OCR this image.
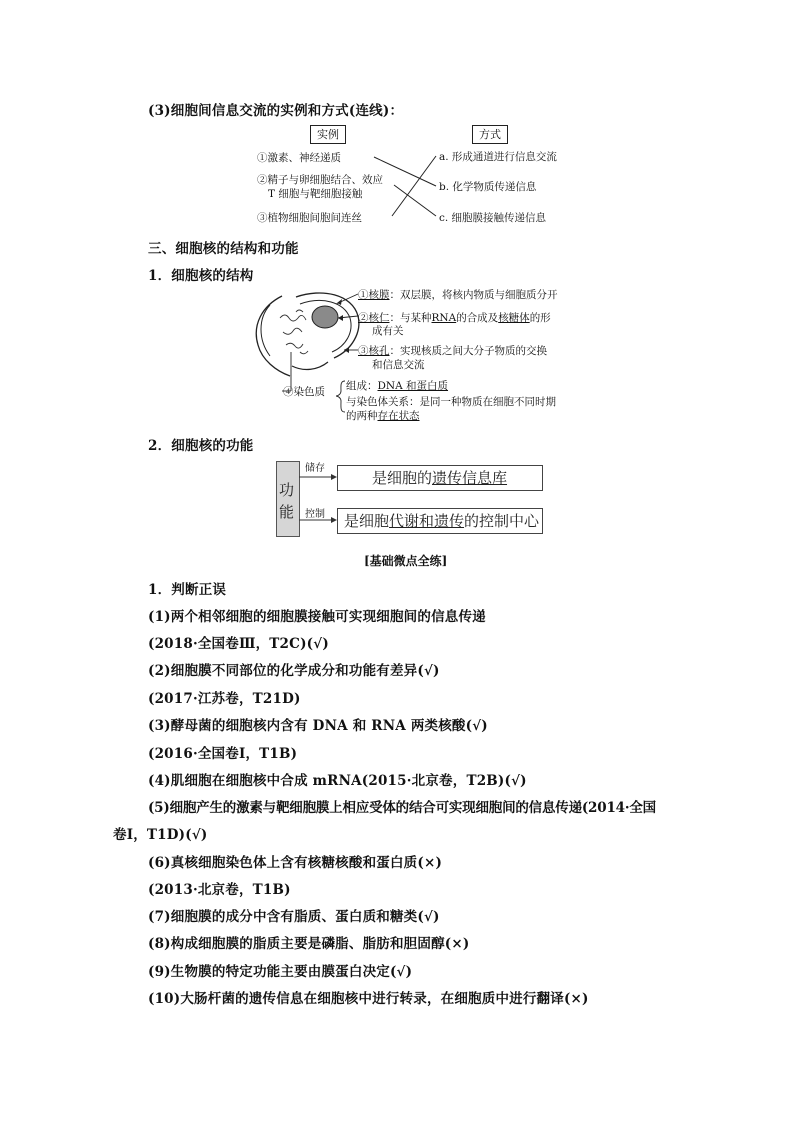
(3)细胞间信息交流的实例和方式(连线)：
实例	方式
①激素、神经递质
②精子与卵细胞结合、效应
T 细胞与靶细胞接触
③植物细胞间胞间连丝
a. 形成通道进行信息交流
b. 化学物质传递信息
c. 细胞膜接触传递信息
三、细胞核的结构和功能
1．细胞核的结构
①核膜：双层膜，将核内物质与细胞质分开
②核仁：与某种RNA的合成及核糖体的形
成有关
③核孔：实现核质之间大分子物质的交换
和信息交流
④染色质 组成：DNA 和蛋白质
与染色体关系：是同一种物质在细胞不同时期
的两种存在状态
2．细胞核的功能
功能
储存
控制
是细胞的遗传信息库
是细胞代谢和遗传的控制中心
[基础微点全练]
1．判断正误
(1)两个相邻细胞的细胞膜接触可实现细胞间的信息传递
(2018·全国卷Ⅲ，T2C)(√)
(2)细胞膜不同部位的化学成分和功能有差异(√)
(2017·江苏卷，T21D)
(3)酵母菌的细胞核内含有 DNA 和 RNA 两类核酸(√)
(2016·全国卷Ⅰ，T1B)
(4)肌细胞在细胞核中合成 mRNA(2015·北京卷，T2B)(√)
(5)细胞产生的激素与靶细胞膜上相应受体的结合可实现细胞间的信息传递(2014·全国
卷Ⅰ，T1D)(√)
(6)真核细胞染色体上含有核糖核酸和蛋白质(×)
(2013·北京卷，T1B)
(7)细胞膜的成分中含有脂质、蛋白质和糖类(√)
(8)构成细胞膜的脂质主要是磷脂、脂肪和胆固醇(×)
(9)生物膜的特定功能主要由膜蛋白决定(√)
(10)大肠杆菌的遗传信息在细胞核中进行转录，在细胞质中进行翻译(×)
